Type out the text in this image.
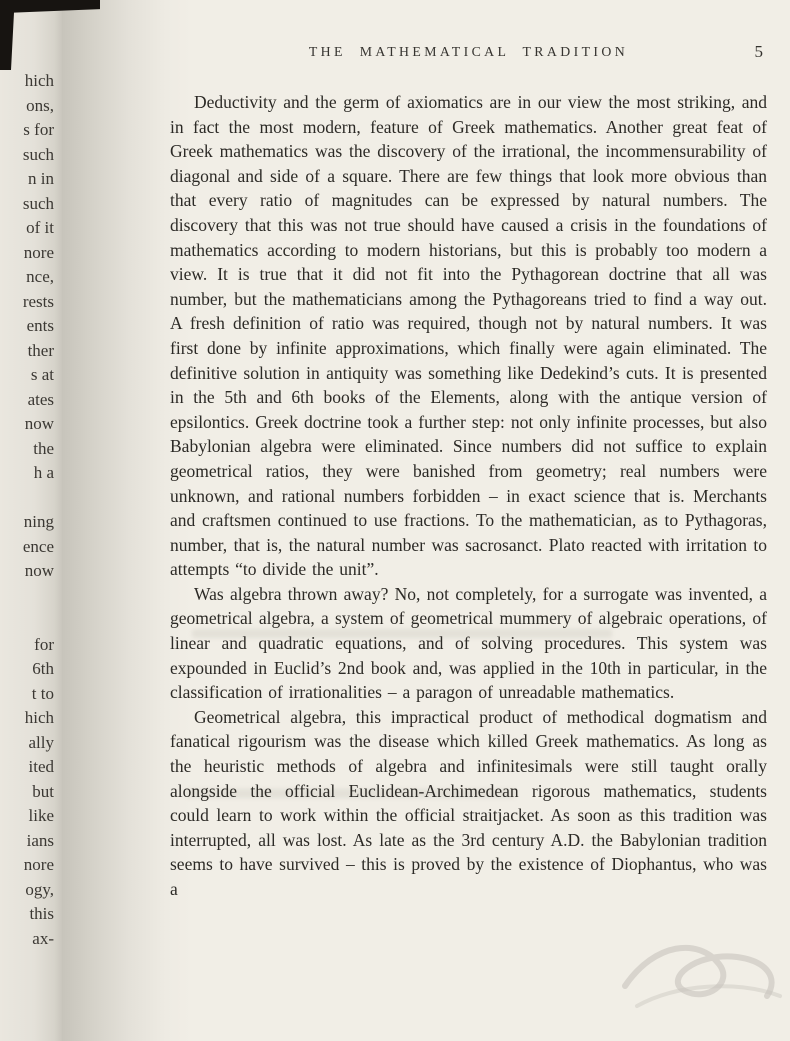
hich
ons,
s for
such
n in
such
of it
nore
nce,
rests
ents
ther
s at
ates
now
the
h a

ning
ence
now

for
6th
t to
hich
ally
ited
but
like
ians
nore
ogy,
this
ax-
THE MATHEMATICAL TRADITION	5

Deductivity and the germ of axiomatics are in our view the most striking, and in fact the most modern, feature of Greek mathematics. Another great feat of Greek mathematics was the discovery of the irrational, the incommensurability of diagonal and side of a square. There are few things that look more obvious than that every ratio of magnitudes can be expressed by natural numbers. The discovery that this was not true should have caused a crisis in the foundations of mathematics according to modern historians, but this is probably too modern a view. It is true that it did not fit into the Pythagorean doctrine that all was number, but the mathematicians among the Pythagoreans tried to find a way out. A fresh definition of ratio was required, though not by natural numbers. It was first done by infinite approximations, which finally were again eliminated. The definitive solution in antiquity was something like Dedekind’s cuts. It is presented in the 5th and 6th books of the Elements, along with the antique version of epsilontics. Greek doctrine took a further step: not only infinite processes, but also Babylonian algebra were eliminated. Since numbers did not suffice to explain geometrical ratios, they were banished from geometry; real numbers were unknown, and rational numbers forbidden – in exact science that is. Merchants and craftsmen continued to use fractions. To the mathematician, as to Pythagoras, number, that is, the natural number was sacrosanct. Plato reacted with irritation to attempts “to divide the unit”.

Was algebra thrown away? No, not completely, for a surrogate was invented, a geometrical algebra, a system of geometrical mummery of algebraic operations, of linear and quadratic equations, and of solving procedures. This system was expounded in Euclid’s 2nd book and, was applied in the 10th in particular, in the classification of irrationalities – a paragon of unreadable mathematics.

Geometrical algebra, this impractical product of methodical dogmatism and fanatical rigourism was the disease which killed Greek mathematics. As long as the heuristic methods of algebra and infinitesimals were still taught orally alongside the official Euclidean-Archimedean rigorous mathematics, students could learn to work within the official straitjacket. As soon as this tradition was interrupted, all was lost. As late as the 3rd century A.D. the Babylonian tradition seems to have survived – this is proved by the existence of Diophantus, who was a
